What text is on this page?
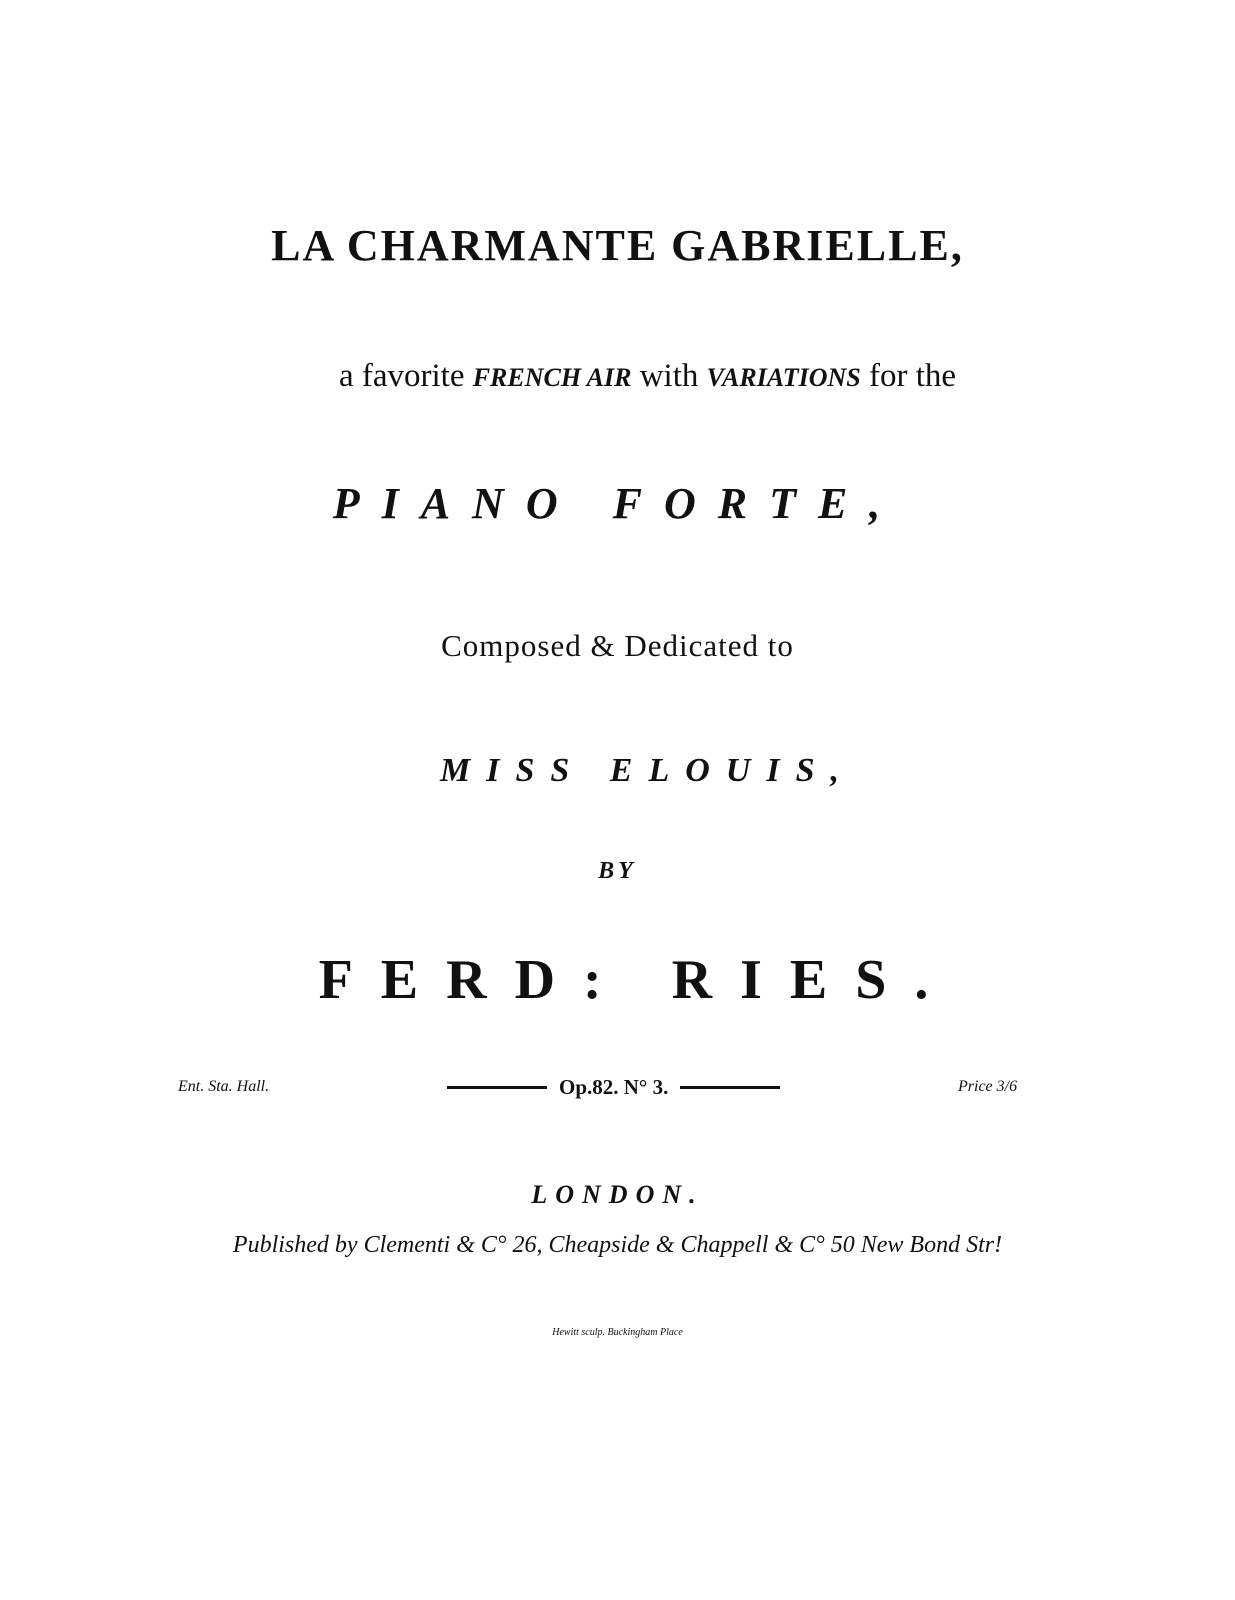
LA CHARMANTE GABRIELLE,
a favorite FRENCH AIR with VARIATIONS for the
PIANO FORTE,
Composed & Dedicated to
MISS ELOUIS,
BY
FERD: RIES.
Ent. Sta. Hall.	Op.82. N° 3.	Price 3/6
LONDON.
Published by Clementi & C° 26, Cheapside & Chappell & C° 50 New Bond Str!
Hewitt sculp. Buckingham Place
